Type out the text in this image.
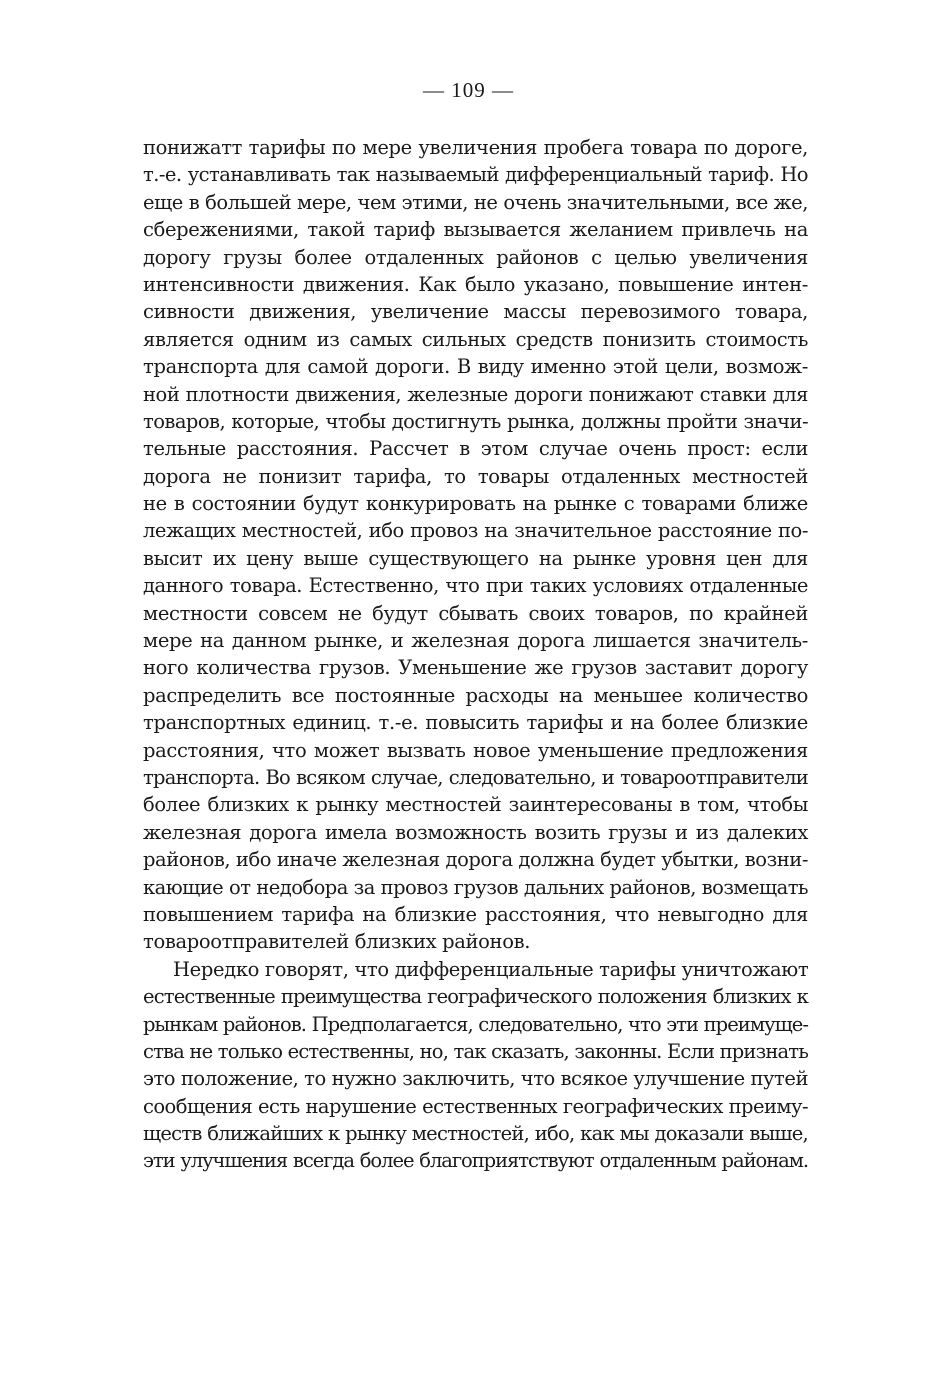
— 109 —
понижатт тарифы по мере увеличения пробега товара по дороге,
т.-е. устанавливать так называемый дифференциальный тариф. Но
еще в большей мере, чем этими, не очень значительными, все же,
сбережениями, такой тариф вызывается желанием привлечь на
дорогу грузы более отдаленных районов с целью увеличения
интенсивности движения. Как было указано, повышение интен-
сивности движения, увеличение массы перевозимого товара,
является одним из самых сильных средств понизить стоимость
транспорта для самой дороги. В виду именно этой цели, возмож-
ной плотности движения, железные дороги понижают ставки для
товаров, которые, чтобы достигнуть рынка, должны пройти значи-
тельные расстояния. Рассчет в этом случае очень прост: если
дорога не понизит тарифа, то товары отдаленных местностей
не в состоянии будут конкурировать на рынке с товарами ближе
лежащих местностей, ибо провоз на значительное расстояние по-
высит их цену выше существующего на рынке уровня цен для
данного товара. Естественно, что при таких условиях отдаленные
местности совсем не будут сбывать своих товаров, по крайней
мере на данном рынке, и железная дорога лишается значитель-
ного количества грузов. Уменьшение же грузов заставит дорогу
распределить все постоянные расходы на меньшее количество
транспортных единиц. т.-е. повысить тарифы и на более близкие
расстояния, что может вызвать новое уменьшение предложения
транспорта. Во всяком случае, следовательно, и товароотправители
более близких к рынку местностей заинтересованы в том, чтобы
железная дорога имела возможность возить грузы и из далеких
районов, ибо иначе железная дорога должна будет убытки, возни-
кающие от недобора за провоз грузов дальних районов, возмещать
повышением тарифа на близкие расстояния, что невыгодно для
товароотправителей близких районов.
Нередко говорят, что дифференциальные тарифы уничтожают
естественные преимущества географического положения близких к
рынкам районов. Предполагается, следовательно, что эти преимуще-
ства не только естественны, но, так сказать, законны. Если признать
это положение, то нужно заключить, что всякое улучшение путей
сообщения есть нарушение естественных географических преиму-
ществ ближайших к рынку местностей, ибо, как мы доказали выше,
эти улучшения всегда более благоприятствуют отдаленным районам.
